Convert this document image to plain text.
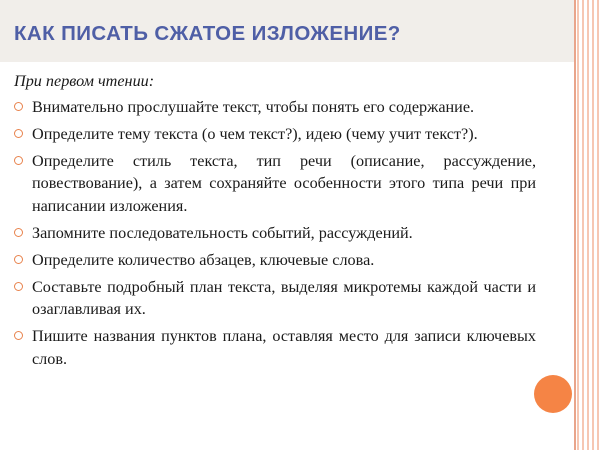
КАК ПИСАТЬ СЖАТОЕ ИЗЛОЖЕНИЕ?
При первом чтении:
Внимательно прослушайте текст, чтобы понять его содержание.
Определите тему текста (о чем текст?), идею (чему учит текст?).
Определите стиль текста, тип речи (описание, рассуждение, повествование), а затем сохраняйте особенности этого типа речи при написании изложения.
Запомните последовательность событий, рассуждений.
Определите количество абзацев, ключевые слова.
Составьте подробный план текста, выделяя микротемы каждой части и озаглавливая их.
Пишите названия пунктов плана, оставляя место для записи ключевых слов.
